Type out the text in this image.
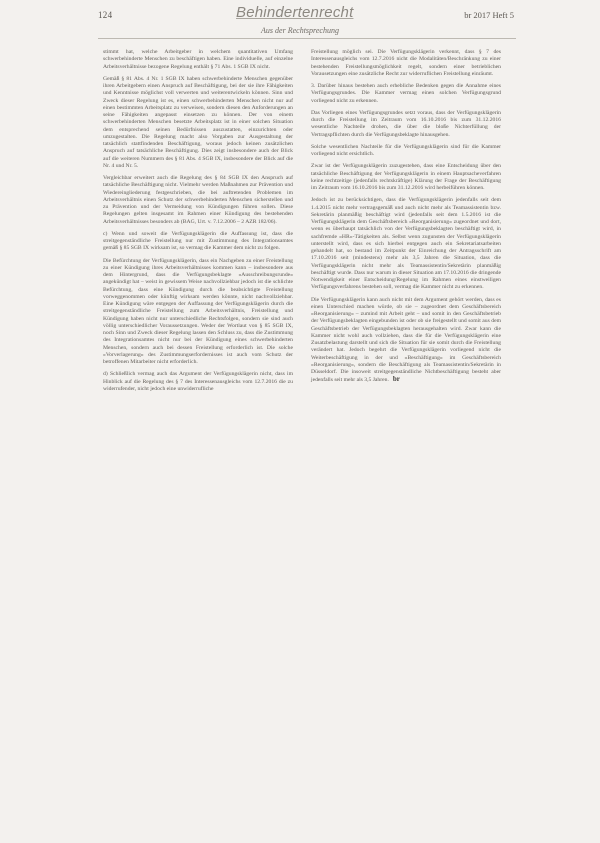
124	Behindertenrecht	br 2017 Heft 5
Aus der Rechtsprechung

stimmt hat, welche Arbeitgeber in welchem quantitativen Umfang schwerbehinderte Menschen zu beschäftigen haben. Eine individuelle, auf einzelne Arbeitsverhältnisse bezogene Regelung enthält § 71 Abs. 1 SGB IX nicht.

Gemäß § 81 Abs. 4 Nr. 1 SGB IX haben schwerbehinderte Menschen gegenüber ihren Arbeitgebern einen Anspruch auf Beschäftigung, bei der sie ihre Fähigkeiten und Kenntnisse möglichst voll verwerten und weiterentwickeln können. Sinn und Zweck dieser Regelung ist es, einen schwerbehinderten Menschen nicht nur auf einen bestimmten Arbeitsplatz zu verweisen, sondern diesen den Anforderungen an seine Fähigkeiten angepasst einsetzen zu können. Der von einem schwerbehinderten Menschen besetzte Arbeitsplatz ist in einer solchen Situation dem entsprechend seinen Bedürfnissen auszustatten, einzurichten oder umzugestalten. Die Regelung macht also Vorgaben zur Ausgestaltung der tatsächlich stattfindenden Beschäftigung, woraus jedoch keinen zusätzlichen Anspruch auf tatsächliche Beschäftigung. Dies zeigt insbesondere auch der Blick auf die weiteren Nummern des § 81 Abs. 4 SGB IX, insbesondere der Blick auf die Nr. 4 und Nr. 5.

Vergleichbar erweitert auch die Regelung des § 84 SGB IX den Anspruch auf tatsächliche Beschäftigung nicht. Vielmehr werden Maßnahmen zur Prävention und Wiedereingliederung festgeschrieben, die bei auftretenden Problemen im Arbeitsverhältnis einen Schutz der schwerbehinderten Menschen sicherstellen und zu Prävention und der Vermeidung von Kündigungen führen sollen. Diese Regelungen gelten insgesamt im Rahmen einer Kündigung des bestehenden Arbeitsverhältnisses besonders ab (BAG, Urt. v. 7.12.2006 – 2 AZR 182/06).

c) Wenn und soweit die Verfügungsklägerin die Auffassung ist, dass die streitgegenständliche Freistellung nur mit Zustimmung des Integrationsamtes gemäß § 85 SGB IX wirksam ist, so vermag die Kammer dem nicht zu folgen.

Die Befürchtung der Verfügungsklägerin, dass ein Nachgeben zu einer Freistellung zu einer Kündigung ihres Arbeitsverhältnisses kommen kann – insbesondere aus dem Hintergrund, dass die Verfügungsbeklagte »Ausschreibungsrunde« angekündigt hat – weist in gewissem Weise nachvollziehbar jedoch ist die schlichte Befürchtung, dass eine Kündigung durch die beabsichtigte Freistellung vorweggenommen oder künftig wirksam werden könnte, nicht nachvollziehbar. Eine Kündigung wäre entgegen der Auffassung der Verfügungsklägerin durch die streitgegenständliche Freistellung zum Arbeitsverhältnis, Freistellung und Kündigung haben nicht nur unterschiedliche Rechtsfolgen, sondern sie sind auch völlig unterschiedlicher Voraussetzungen. Weder der Wortlaut von § 85 SGB IX, noch Sinn und Zweck dieser Regelung lassen den Schluss zu, dass die Zustimmung des Integrationsamtes nicht nur bei der Kündigung eines schwerbehinderten Menschen, sondern auch bei dessen Freistellung erforderlich ist. Die solche »Vorverlagerung« des Zustimmungserfordernisses ist auch vom Schutz der betroffenen Mitarbeiter nicht erforderlich.

d) Schließlich vermag auch das Argument der Verfügungsklägerin nicht, dass im Hinblick auf die Regelung des § 7 des Interessenausgleichs vom 12.7.2016 die zu widerrufender, nicht jedoch eine unwiderrufliche

Freistellung möglich sei. Die Verfügungsklägerin verkennt, dass § 7 des Interessenausgleichs vom 12.7.2016 nicht die Modalitäten/Beschränkung zu einer bestehenden Freistellungsmöglichkeit regelt, sondern einer betrieblichen Vorausetzungen eine zusätzliche Recht zur widerruflichen Freistellung einräumt.

3. Darüber hinaus bestehen auch erhebliche Bedenken gegen die Annahme eines Verfügungsgrundes. Die Kammer vermag einen solchen Verfügungsgrund vorliegend nicht zu erkennen.

Das Vorliegen eines Verfügungsgrundes setzt voraus, dass der Verfügungsklägerin durch die Freistellung im Zeitraum vom 16.10.2016 bis zum 31.12.2016 wesentliche Nachteile drohen, die über die bloße Nichterfüllung der Vertragspflichten durch die Verfügungsbeklagte hinausgehen.

Solche wesentlichen Nachteile für die Verfügungsklägerin sind für die Kammer vorliegend nicht ersichtlich.

Zwar ist der Verfügungsklägerin zuzugestehen, dass eine Entscheidung über den tatsächliche Beschäftigung der Verfügungsklägerin in einem Hauptsacheverfahren keine rechtzeitige (jedenfalls rechtskräftige) Klärung der Frage der Beschäftigung im Zeitraum vom 16.10.2016 bis zum 31.12.2016 wird herbeiführen können.

Jedoch ist zu berücksichtigen, dass die Verfügungsklägerin jedenfalls seit dem 1.4.2015 nicht mehr vertragsgemäß und auch nicht mehr als Teamassistentin bzw. Sekretärin planmäßig beschäftigt wird (jedenfalls seit dem 1.5.2016 ist die Verfügungsklägerin dem Geschäftsbereich »Reorganisierung« zugeordnet und dort, wenn es überhaupt tatsächlich von der Verfügungsbeklagten beschäftigt wird, in sachfremde »HR«-Tätigkeiten als. Selbst wenn zugunsten der Verfügungsklägerin unterstellt wird, dass es sich hierbei entgegen auch ein Sekretariatsarbeiten gehandelt hat, so bestand im Zeitpunkt der Einreichung der Antragsschrift am 17.10.2016 seit (mindestens) mehr als 3,5 Jahren die Situation, dass die Verfügungsklägerin nicht mehr als Teamassistentin/Sekretärin planmäßig beschäftigt wurde. Dass nur warum in dieser Situation am 17.10.2016 die dringende Notwendigkeit einer Entscheidung/Regelung im Rahmen eines einstweiligen Verfügungsverfahrens bestehen soll, vermag die Kammer nicht zu erkennen.

Die Verfügungsklägerin kann auch nicht mit dem Argument gehört werden, dass es einen Unterschied machen würde, ob sie – zugeordnet dem Geschäftsbereich »Reorganisierung« – zumind mit Arbeit geht – und somit in den Geschäftsbetrieb der Verfügungsbeklagten eingebunden ist oder ob sie freigestellt und somit aus dem Geschäftsbetrieb der Verfügungsbeklagten herausgehalten wird. Zwar kann die Kammer nicht wohl auch vollziehen, dass die für die Verfügungsklägerin eine Zusatzbelastung darstellt und sich die Situation für sie somit durch die Freistellung verändert hat. Jedoch begehrt die Verfügungsklägerin vorliegend nicht die Weiterbeschäftigung in der und »Beschäftigung« im Geschäftsbereich »Reorganisierung«, sondern die Beschäftigung als Teamassistentin/Sekretärin in Düsseldorf. Die insoweit streitgegenständliche Nichtbeschäftigung besteht aber jedenfalls seit mehr als 3,5 Jahren. br
